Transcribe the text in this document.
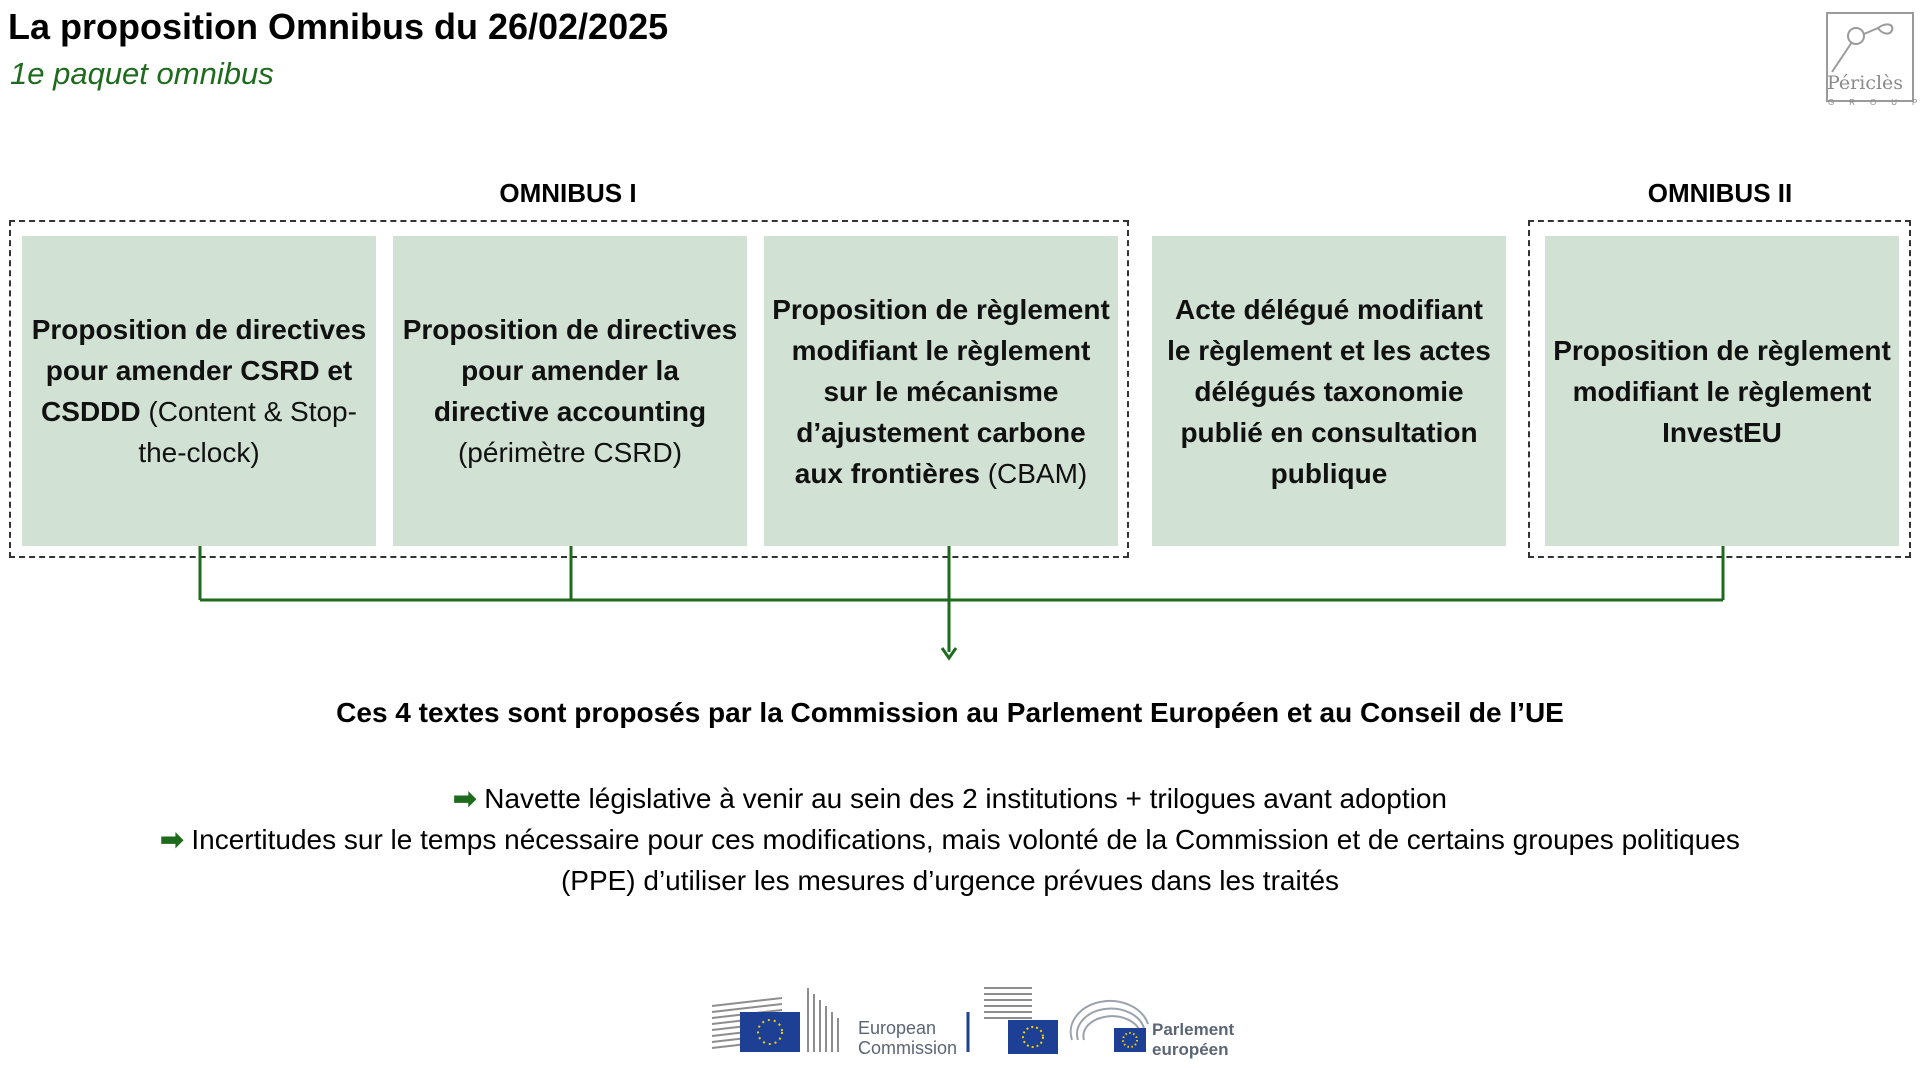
La proposition Omnibus du 26/02/2025
1e paquet omnibus	Périclès
GROUP
OMNIBUS I	OMNIBUS II
Proposition de directives pour amender CSRD et CSDDD (Content & Stop-the-clock)
Proposition de directives pour amender la directive accounting (périmètre CSRD)
Proposition de règlement modifiant le règlement sur le mécanisme d’ajustement carbone aux frontières (CBAM)
Acte délégué modifiant le règlement et les actes délégués taxonomie publié en consultation publique
Proposition de règlement modifiant le règlement InvestEU
Ces 4 textes sont proposés par la Commission au Parlement Européen et au Conseil de l’UE
➡ Navette législative à venir au sein des 2 institutions + trilogues avant adoption
➡ Incertitudes sur le temps nécessaire pour ces modifications, mais volonté de la Commission et de certains groupes politiques (PPE) d’utiliser les mesures d’urgence prévues dans les traités
European
Commission
Parlement
européen
